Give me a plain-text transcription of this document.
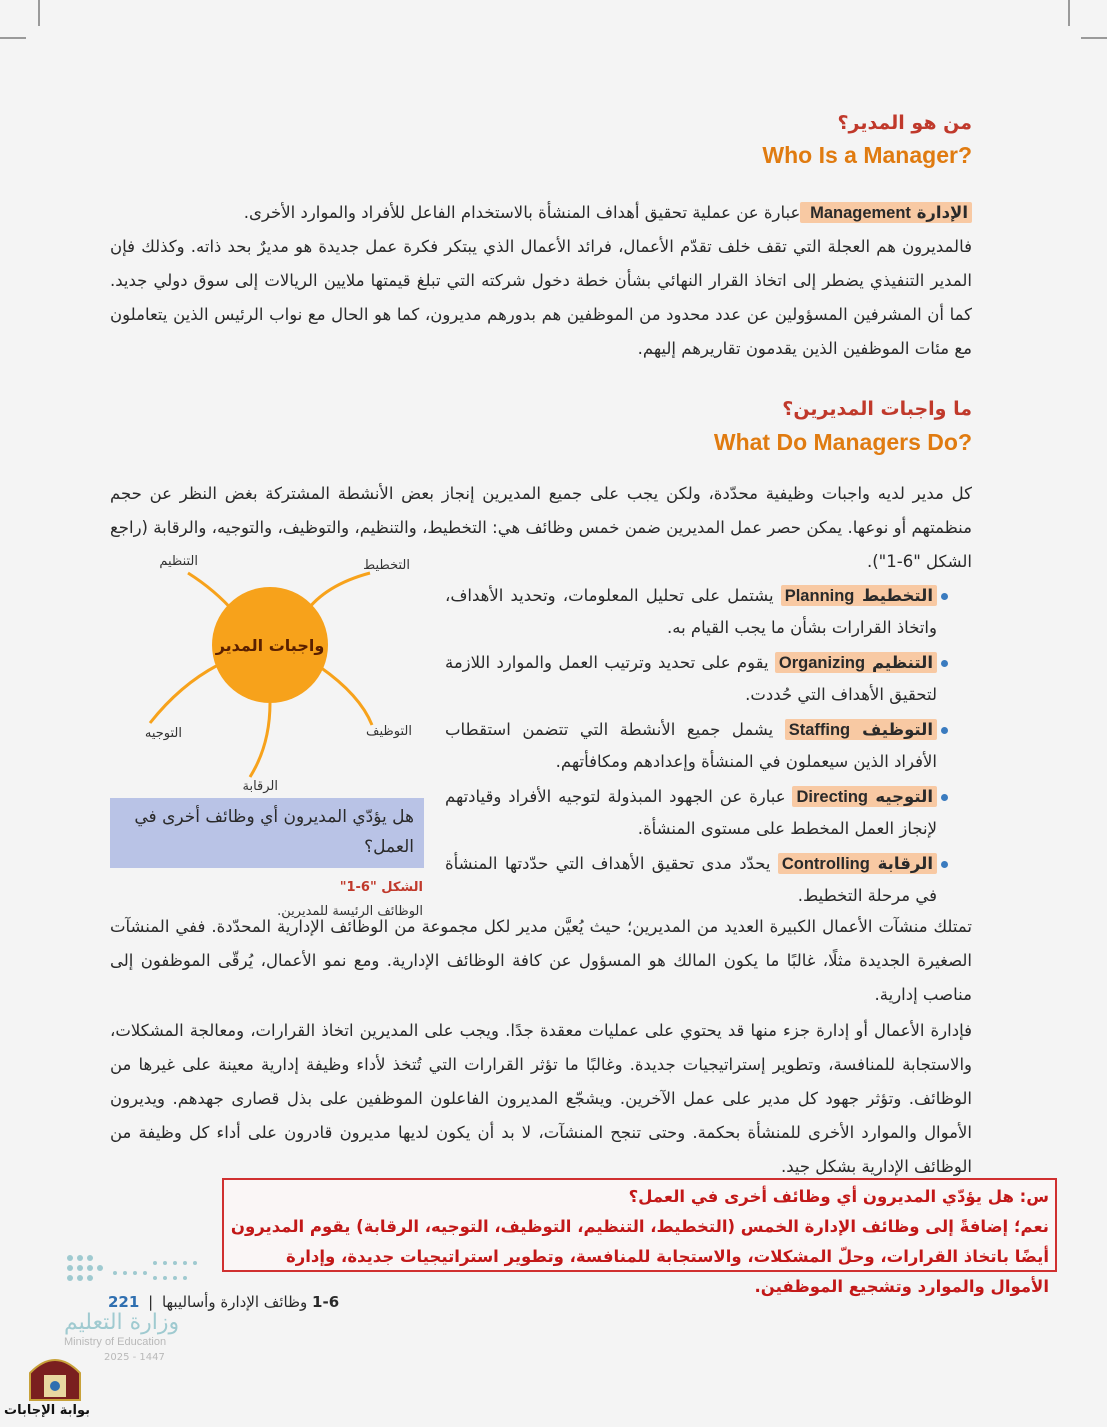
من هو المدير؟
Who Is a Manager?

الإدارة Management عبارة عن عملية تحقيق أهداف المنشأة بالاستخدام الفاعل للأفراد والموارد الأخرى.

فالمديرون هم العجلة التي تقف خلف تقدّم الأعمال، فرائد الأعمال الذي يبتكر فكرة عمل جديدة هو مديرٌ بحد ذاته. وكذلك فإن المدير التنفيذي يضطر إلى اتخاذ القرار النهائي بشأن خطة دخول شركته التي تبلغ قيمتها ملايين الريالات إلى سوق دولي جديد. كما أن المشرفين المسؤولين عن عدد محدود من الموظفين هم بدورهم مديرون، كما هو الحال مع نواب الرئيس الذين يتعاملون مع مئات الموظفين الذين يقدمون تقاريرهم إليهم.

ما واجبات المديرين؟
What Do Managers Do?

كل مدير لديه واجبات وظيفية محدّدة، ولكن يجب على جميع المديرين إنجاز بعض الأنشطة المشتركة بغض النظر عن حجم منظمتهم أو نوعها. يمكن حصر عمل المديرين ضمن خمس وظائف هي: التخطيط، والتنظيم، والتوظيف، والتوجيه، والرقابة (راجع الشكل "6-1").

واجبات المدير
التخطيط
التنظيم
التوظيف
التوجيه
الرقابة
التخطيط Planning يشتمل على تحليل المعلومات، وتحديد الأهداف، واتخاذ القرارات بشأن ما يجب القيام به.
التنظيم Organizing يقوم على تحديد وترتيب العمل والموارد اللازمة لتحقيق الأهداف التي حُددت.
التوظيف Staffing يشمل جميع الأنشطة التي تتضمن استقطاب الأفراد الذين سيعملون في المنشأة وإعدادهم ومكافأتهم.
التوجيه Directing عبارة عن الجهود المبذولة لتوجيه الأفراد وقيادتهم لإنجاز العمل المخطط على مستوى المنشأة.
الرقابة Controlling يحدّد مدى تحقيق الأهداف التي حدّدتها المنشأة في مرحلة التخطيط.
هل يؤدّي المديرون أي وظائف أخرى في العمل؟
الشكل "6-1"
الوظائف الرئيسة للمديرين.

تمتلك منشآت الأعمال الكبيرة العديد من المديرين؛ حيث يُعيَّن مدير لكل مجموعة من الوظائف الإدارية المحدّدة. ففي المنشآت الصغيرة الجديدة مثلًا، غالبًا ما يكون المالك هو المسؤول عن كافة الوظائف الإدارية. ومع نمو الأعمال، يُرقّى الموظفون إلى مناصب إدارية.

فإدارة الأعمال أو إدارة جزء منها قد يحتوي على عمليات معقدة جدًا. ويجب على المديرين اتخاذ القرارات، ومعالجة المشكلات، والاستجابة للمنافسة، وتطوير إستراتيجيات جديدة. وغالبًا ما تؤثر القرارات التي تُتخذ لأداء وظيفة إدارية معينة على غيرها من الوظائف. وتؤثر جهود كل مدير على عمل الآخرين. ويشجّع المديرون الفاعلون الموظفين على بذل قصارى جهدهم. ويديرون الأموال والموارد الأخرى للمنشأة بحكمة. وحتى تنجح المنشآت، لا بد أن يكون لديها مديرون قادرون على أداء كل وظيفة من الوظائف الإدارية بشكل جيد.

س: هل يؤدّي المديرون أي وظائف أخرى في العمل؟

نعم؛ إضافةً إلى وظائف الإدارة الخمس (التخطيط، التنظيم، التوظيف، التوجيه، الرقابة) يقوم المديرون أيضًا باتخاذ القرارات، وحلّ المشكلات، والاستجابة للمنافسة، وتطوير استراتيجيات جديدة، وإدارة الأموال والموارد وتشجيع الموظفين.

وزارة التعليم
Ministry of Education
2025 - 1447
221 | وظائف الإدارة وأساليبها 1-6
بوابة الإجابات
